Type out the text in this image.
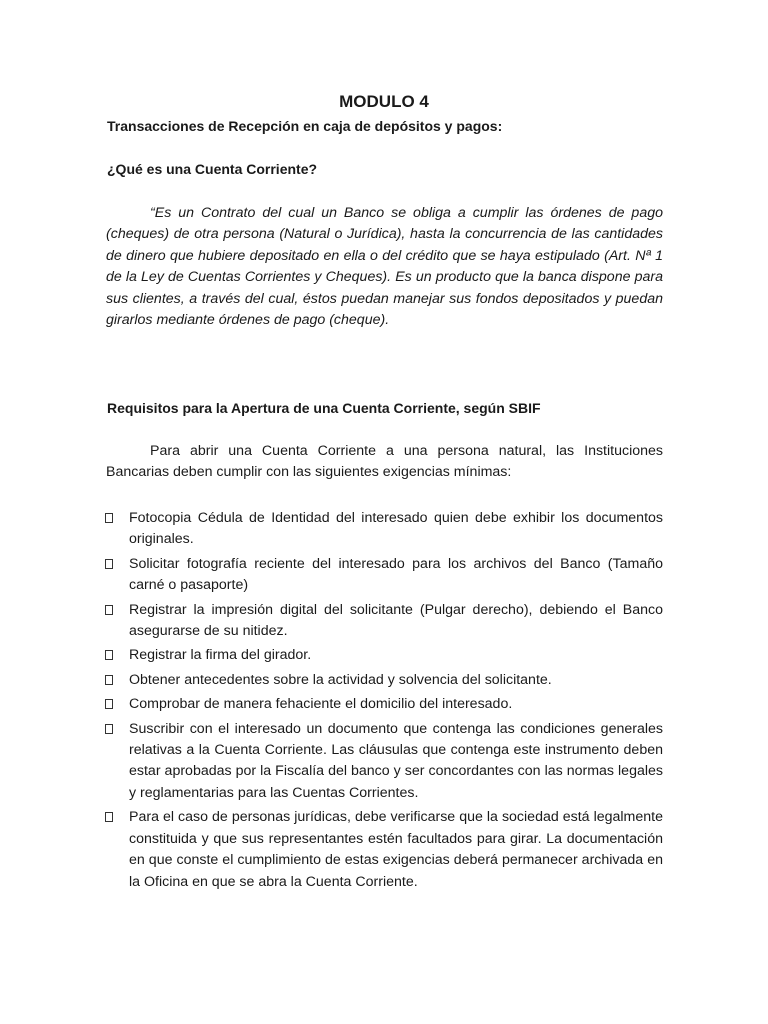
MODULO 4
Transacciones de Recepción en caja de depósitos y pagos:
¿Qué es una Cuenta Corriente?

“Es un Contrato del cual un Banco se obliga a cumplir las órdenes de pago (cheques) de otra persona (Natural o Jurídica), hasta la concurrencia de las cantidades de dinero que hubiere depositado en ella o del crédito que se haya estipulado (Art. Nª 1 de la Ley de Cuentas Corrientes y Cheques). Es un producto que la banca dispone para sus clientes, a través del cual, éstos puedan manejar sus fondos depositados y puedan girarlos mediante órdenes de pago (cheque).

Requisitos para la Apertura de una Cuenta Corriente, según SBIF

Para abrir una Cuenta Corriente a una persona natural, las Instituciones Bancarias deben cumplir con las siguientes exigencias mínimas:

Fotocopia Cédula de Identidad del interesado quien debe exhibir los documentos originales.
Solicitar fotografía reciente del interesado para los archivos del Banco (Tamaño carné o pasaporte)
Registrar la impresión digital del solicitante (Pulgar derecho), debiendo el Banco asegurarse de su nitidez.
Registrar la firma del girador.
Obtener antecedentes sobre la actividad y solvencia del solicitante.
Comprobar de manera fehaciente el domicilio del interesado.
Suscribir con el interesado un documento que contenga las condiciones generales relativas a la Cuenta Corriente. Las cláusulas que contenga este instrumento deben estar aprobadas por la Fiscalía del banco y ser concordantes con las normas legales y reglamentarias para las Cuentas Corrientes.
Para el caso de personas jurídicas, debe verificarse que la sociedad está legalmente constituida y que sus representantes estén facultados para girar. La documentación en que conste el cumplimiento de estas exigencias deberá permanecer archivada en la Oficina en que se abra la Cuenta Corriente.
